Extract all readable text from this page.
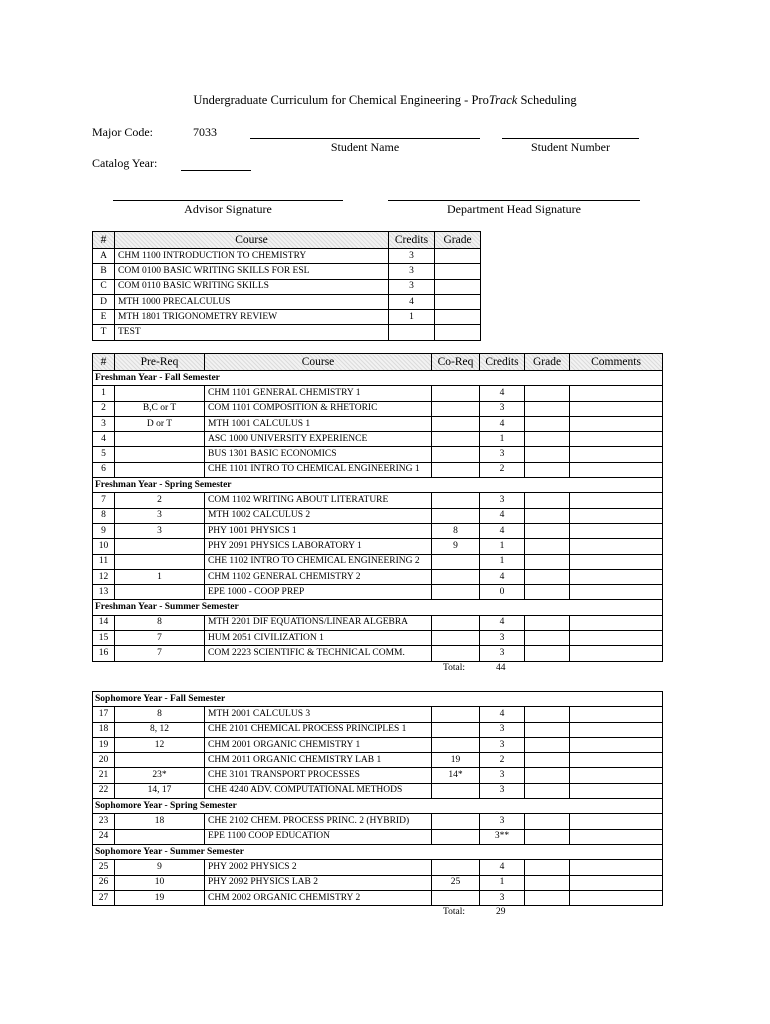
Undergraduate Curriculum for Chemical Engineering - ProTrack Scheduling
Major Code:	7033
Catalog Year:
Student Name	Student Number
Advisor Signature	Department Head Signature
#	Course	Credits	Grade
A	CHM 1100 INTRODUCTION TO CHEMISTRY	3	
B	COM 0100 BASIC WRITING SKILLS FOR ESL	3	
C	COM 0110 BASIC WRITING SKILLS	3	
D	MTH 1000 PRECALCULUS	4	
E	MTH 1801 TRIGONOMETRY REVIEW	1	
T	TEST		
#	Pre-Req	Course	Co-Req	Credits	Grade	Comments
Freshman Year - Fall Semester						
1		CHM 1101 GENERAL CHEMISTRY 1		4		
2	B,C or T	COM 1101 COMPOSITION & RHETORIC		3		
3	D or T	MTH 1001 CALCULUS 1		4		
4		ASC 1000 UNIVERSITY EXPERIENCE		1		
5		BUS 1301 BASIC ECONOMICS		3		
6		CHE 1101 INTRO TO CHEMICAL ENGINEERING 1		2		
Freshman Year - Spring Semester						
7	2	COM 1102 WRITING ABOUT LITERATURE		3		
8	3	MTH 1002 CALCULUS 2		4		
9	3	PHY 1001 PHYSICS 1	8	4		
10		PHY 2091 PHYSICS LABORATORY 1	9	1		
11		CHE 1102 INTRO TO CHEMICAL ENGINEERING 2		1		
12	1	CHM 1102 GENERAL CHEMISTRY 2		4		
13		EPE 1000 - COOP PREP		0		
Freshman Year - Summer Semester						
14	8	MTH 2201 DIF EQUATIONS/LINEAR ALGEBRA		4		
15	7	HUM 2051 CIVILIZATION 1		3		
16	7	COM 2223 SCIENTIFIC & TECHNICAL COMM.		3		
Total:	44
Sophomore Year - Fall Semester						
17	8	MTH 2001 CALCULUS 3		4		
18	8, 12	CHE 2101 CHEMICAL PROCESS PRINCIPLES 1		3		
19	12	CHM 2001 ORGANIC CHEMISTRY 1		3		
20		CHM 2011 ORGANIC CHEMISTRY LAB 1	19	2		
21	23*	CHE 3101 TRANSPORT PROCESSES	14*	3		
22	14, 17	CHE 4240 ADV. COMPUTATIONAL METHODS		3		
Sophomore Year - Spring Semester						
23	18	CHE 2102 CHEM. PROCESS PRINC. 2 (HYBRID)		3		
24		EPE 1100 COOP EDUCATION		3**		
Sophomore Year - Summer Semester						
25	9	PHY 2002 PHYSICS 2		4		
26	10	PHY 2092 PHYSICS LAB 2	25	1		
27	19	CHM 2002 ORGANIC CHEMISTRY 2		3		
Total:	29
